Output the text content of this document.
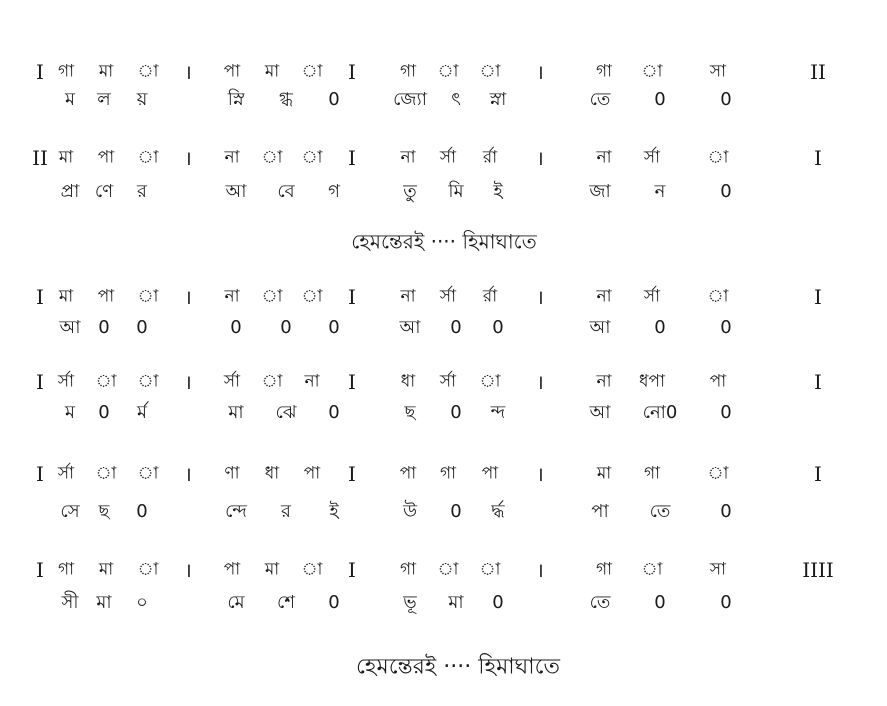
I গা মা া । পা মা া I	গা া া ।	গা া	সা	II
ম ল য়	স্নি গ্ধ 0	জ্যো ৎ স্না	তে 0	0
II মা পা া । না া া I	না র্সা র্রা ।	না র্সা	া	I
প্রা ণে র	আ বে গ	তু মি ই	জা ন	0
I মা পা া । না া া I	না র্সা র্রা ।	না র্সা	া	I
আ 0 0	0 0 0	আ 0 0	আ 0	0
I র্সা া া । র্সা া না I	ধা র্সা া ।	না ধপা	পা	I
ম 0 র্ম	মা ঝে 0	ছ 0 ন্দ	আ নো0 0
I র্সা া া । ণা ধা পা I	পা গা পা ।	মা গা	া	I
সে ছ 0	ন্দে র ই	উ 0 র্দ্ধ	পা তে	0
I গা মা া । পা মা া I	গা া া ।	গা া	সা	IIII
সী মা ০	মে শে 0	ভূ মা 0	তে 0	0
হেমন্তেরই ···· হিমাঘাতে
হেমন্তেরই ···· হিমাঘাতে
